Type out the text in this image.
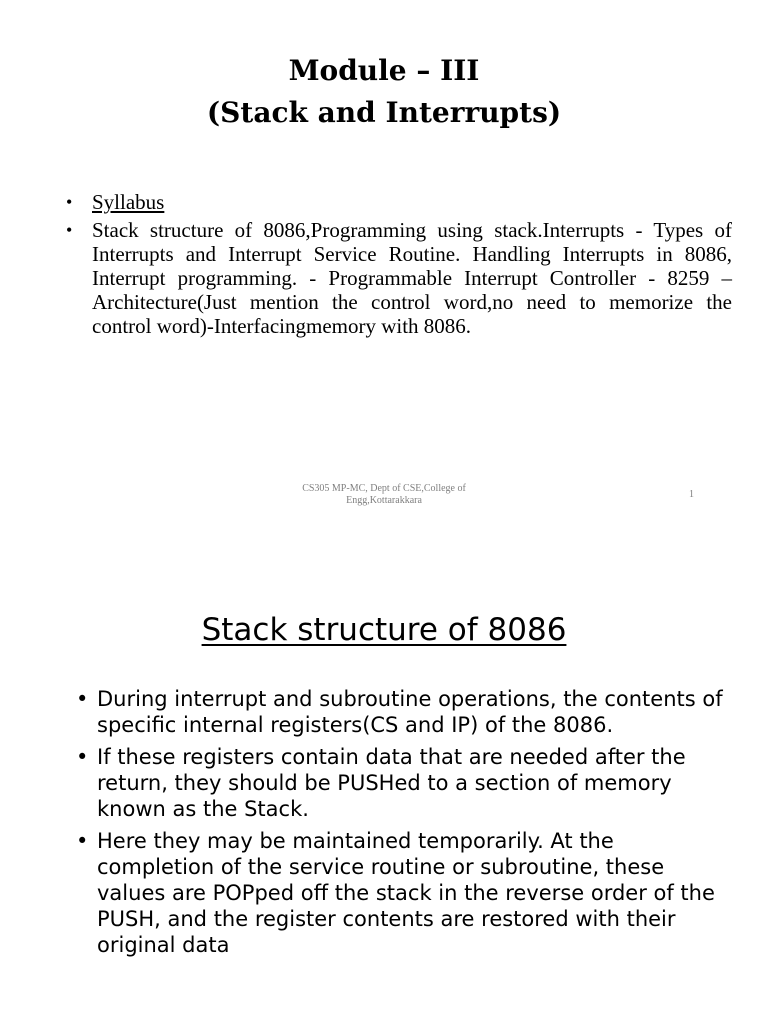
Module – III
(Stack and Interrupts)
• Syllabus
• Stack structure of 8086,Programming using stack.Interrupts - Types of Interrupts and Interrupt Service Routine. Handling Interrupts in 8086, Interrupt programming. - Programmable Interrupt Controller - 8259 – Architecture(Just mention the control word,no need to memorize the control word)-Interfacingmemory with 8086.
CS305 MP-MC, Dept of CSE,College of Engg,Kottarakkara
1
Stack structure of 8086
• During interrupt and subroutine operations, the contents of specific internal registers(CS and IP) of the 8086.
• If these registers contain data that are needed after the return, they should be PUSHed to a section of memory known as the Stack.
• Here they may be maintained temporarily. At the completion of the service routine or subroutine, these values are POPped off the stack in the reverse order of the PUSH, and the register contents are restored with their original data
